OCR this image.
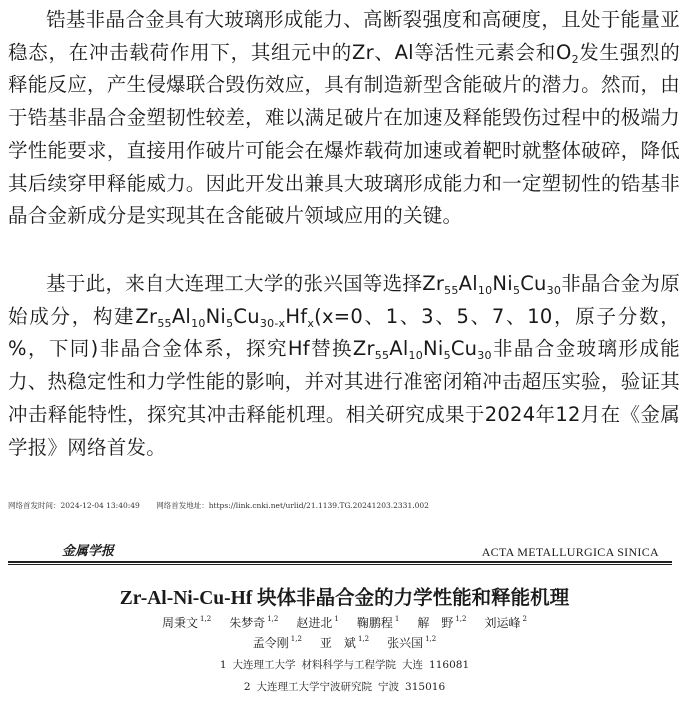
锆基非晶合金具有大玻璃形成能力、高断裂强度和高硬度，且处于能量亚稳态，在冲击载荷作用下，其组元中的Zr、Al等活性元素会和$O_2$发生强烈的释能反应，产生侵爆联合毁伤效应，具有制造新型含能破片的潜力。然而，由于锆基非晶合金塑韧性较差，难以满足破片在加速及释能毁伤过程中的极端力学性能要求，直接用作破片可能会在爆炸载荷加速或着靶时就整体破碎，降低其后续穿甲释能威力。因此开发出兼具大玻璃形成能力和一定塑韧性的锆基非晶合金新成分是实现其在含能破片领域应用的关键。

基于此，来自大连理工大学的张兴国等选择$Zr_{55}Al_{10}Ni_5Cu_{30}$非晶合金为原始成分，构建$Zr_{55}Al_{10}Ni_5Cu_{30-x}Hf_x(x=0$、1、3、5、7、10，原子分数，%，下同)非晶合金体系，探究Hf替换$Zr_{55}Al_{10}Ni_5Cu_{30}$非晶合金玻璃形成能力、热稳定性和力学性能的影响，并对其进行准密闭箱冲击超压实验，验证其冲击释能特性，探究其冲击释能机理。相关研究成果于2024年12月在《金属学报》网络首发。

网络首发时间：2024-12-04 13:40:49 网络首发地址：https://link.cnki.net/urlid/21.1139.TG.20241203.2331.002
金属学报	ACTA METALLURGICA SINICA
Zr-Al-Ni-Cu-Hf 块体非晶合金的力学性能和释能机理
周秉文 $^{1,2}$ 朱梦奇 $^{1,2}$ 赵进北 $^1$ 鞠鹏程 $^1$ 解　野 $^{1,2}$ 刘运峰 $^2$
孟令刚 $^{1,2}$ 亚　斌 $^{1,2}$ 张兴国 $^{1,2}$
1 大连理工大学 材料科学与工程学院 大连 116081
2 大连理工大学宁波研究院 宁波 315016
